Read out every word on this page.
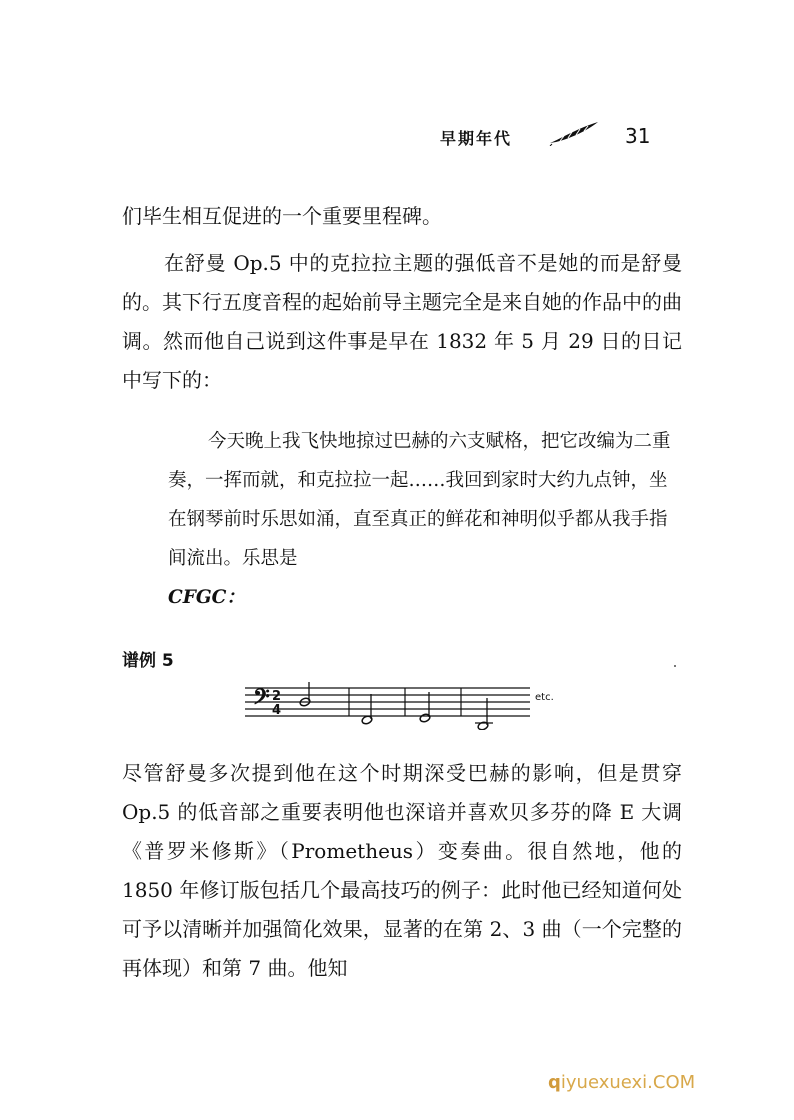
早期年代	31
们毕生相互促进的一个重要里程碑。
在舒曼 Op.5 中的克拉拉主题的强低音不是她的而是舒曼的。其下行五度音程的起始前导主题完全是来自她的作品中的曲调。然而他自己说到这件事是早在 1832 年 5 月 29 日的日记中写下的：
今天晚上我飞快地掠过巴赫的六支赋格，把它改编为二重奏，一挥而就，和克拉拉一起……我回到家时大约九点钟，坐在钢琴前时乐思如涌，直至真正的鲜花和神明似乎都从我手指间流出。乐思是
CFGC：
谱例 5
𝄢 2
4
etc.
尽管舒曼多次提到他在这个时期深受巴赫的影响，但是贯穿 Op.5 的低音部之重要表明他也深谙并喜欢贝多芬的降 E 大调《普罗米修斯》（Prometheus）变奏曲。很自然地，他的 1850 年修订版包括几个最高技巧的例子：此时他已经知道何处可予以清晰并加强简化效果，显著的在第 2、3 曲（一个完整的再体现）和第 7 曲。他知
qiyuexuexi.COM
